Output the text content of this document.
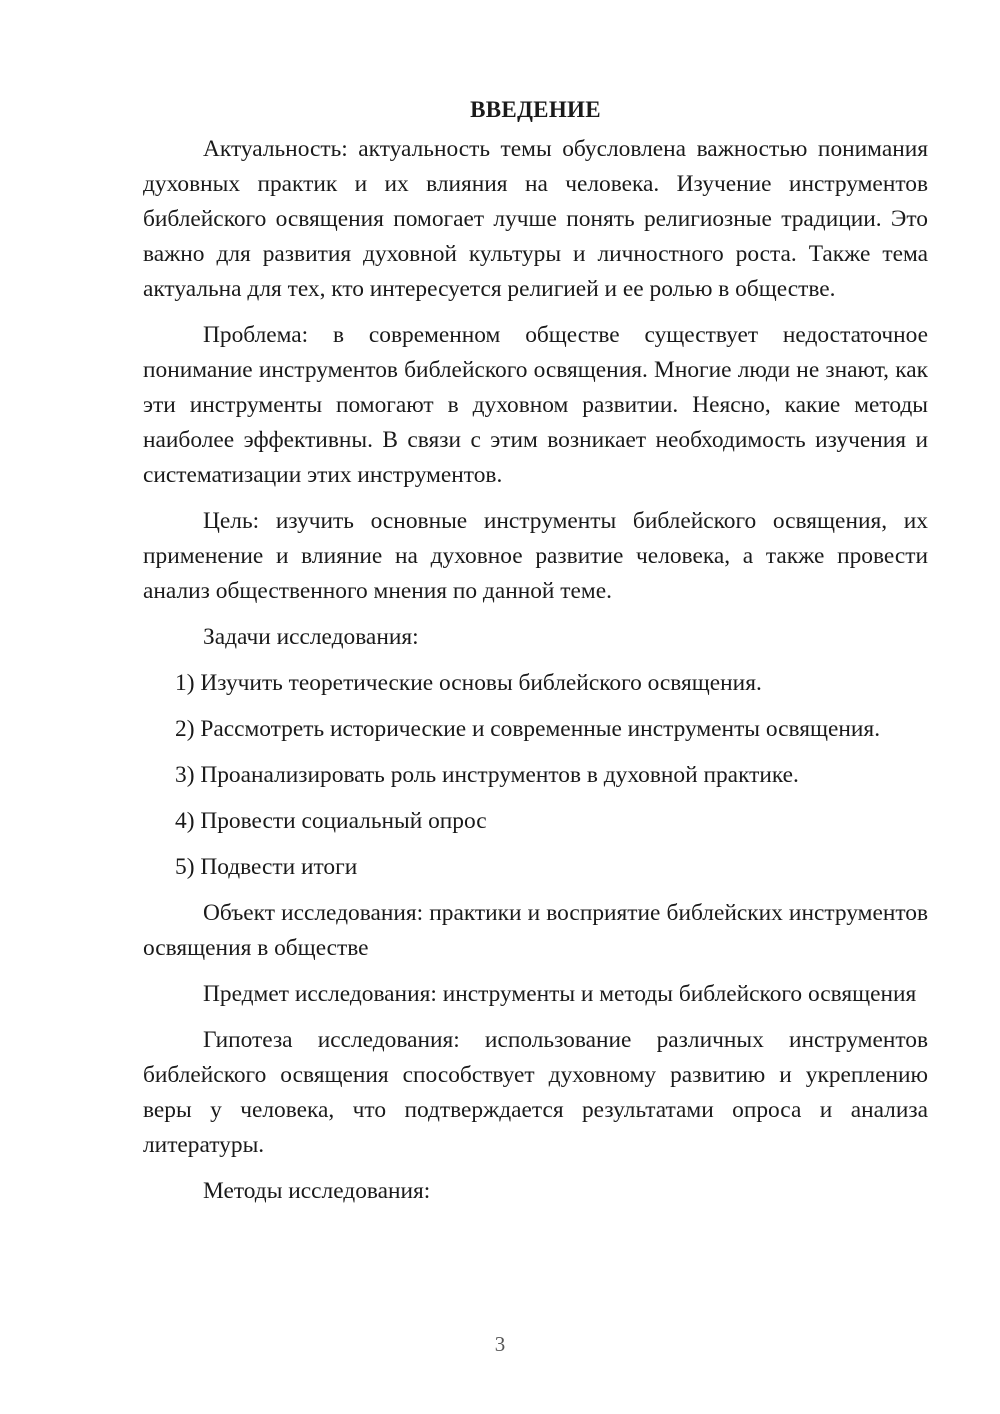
ВВЕДЕНИЕ

Актуальность: актуальность темы обусловлена важностью понимания духовных практик и их влияния на человека. Изучение инструментов библейского освящения помогает лучше понять религиозные традиции. Это важно для развития духовной культуры и личностного роста. Также тема актуальна для тех, кто интересуется религией и ее ролью в обществе.

Проблема: в современном обществе существует недостаточное понимание инструментов библейского освящения. Многие люди не знают, как эти инструменты помогают в духовном развитии. Неясно, какие методы наиболее эффективны. В связи с этим возникает необходимость изучения и систематизации этих инструментов.

Цель: изучить основные инструменты библейского освящения, их применение и влияние на духовное развитие человека, а также провести анализ общественного мнения по данной теме.

Задачи исследования:

1) Изучить теоретические основы библейского освящения.
2) Рассмотреть исторические и современные инструменты освящения.
3) Проанализировать роль инструментов в духовной практике.
4) Провести социальный опрос
5) Подвести итоги

Объект исследования: практики и восприятие библейских инструментов освящения в обществе

Предмет исследования: инструменты и методы библейского освящения

Гипотеза исследования: использование различных инструментов библейского освящения способствует духовному развитию и укреплению веры у человека, что подтверждается результатами опроса и анализа литературы.

Методы исследования:

3
